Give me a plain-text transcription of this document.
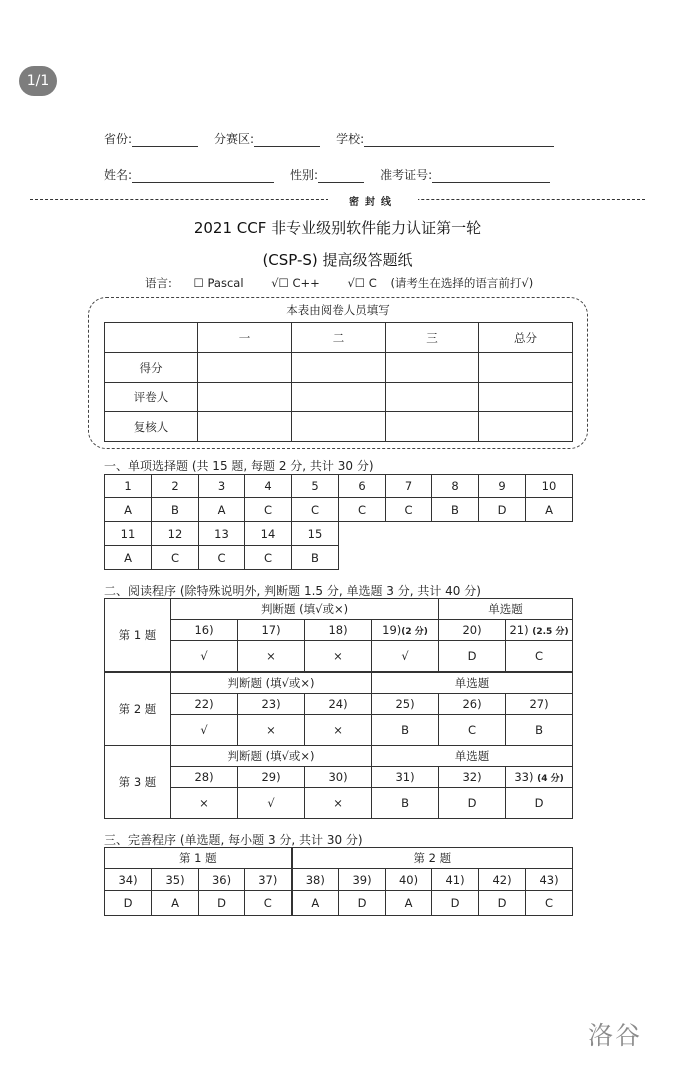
1/1
省份:	分赛区:	学校:
姓名:	性别:	准考证号:
密封线
2021 CCF 非专业级别软件能力认证第一轮
(CSP-S) 提高级答题纸
语言: ☐ Pascal √☐ C++ √☐ C (请考生在选择的语言前打√)
本表由阅卷人员填写
	一	二	三	总分
得分				
评卷人				
复核人				
一、单项选择题 (共 15 题, 每题 2 分, 共计 30 分)
1	2	3	4	5	6	7	8	9	10
A	B	A	C	C	C	C	B	D	A
11	12	13	14	15
A	C	C	C	B
二、阅读程序 (除特殊说明外, 判断题 1.5 分, 单选题 3 分, 共计 40 分)
第 1 题	判断题 (填√或×)				单选题	
	16)	17)	18)	19)(2 分)	20)	21) (2.5 分)
	√	×	×	√	D	C
第 2 题	判断题 (填√或×)			单选题		
	22)	23)	24)	25)	26)	27)
	√	×	×	B	C	B
第 3 题	判断题 (填√或×)			单选题		
	28)	29)	30)	31)	32)	33) (4 分)
	×	√	×	B	D	D
三、完善程序 (单选题, 每小题 3 分, 共计 30 分)
第 1 题				第 2 题					
34)	35)	36)	37)	38)	39)	40)	41)	42)	43)
D	A	D	C	A	D	A	D	D	C
洛谷
